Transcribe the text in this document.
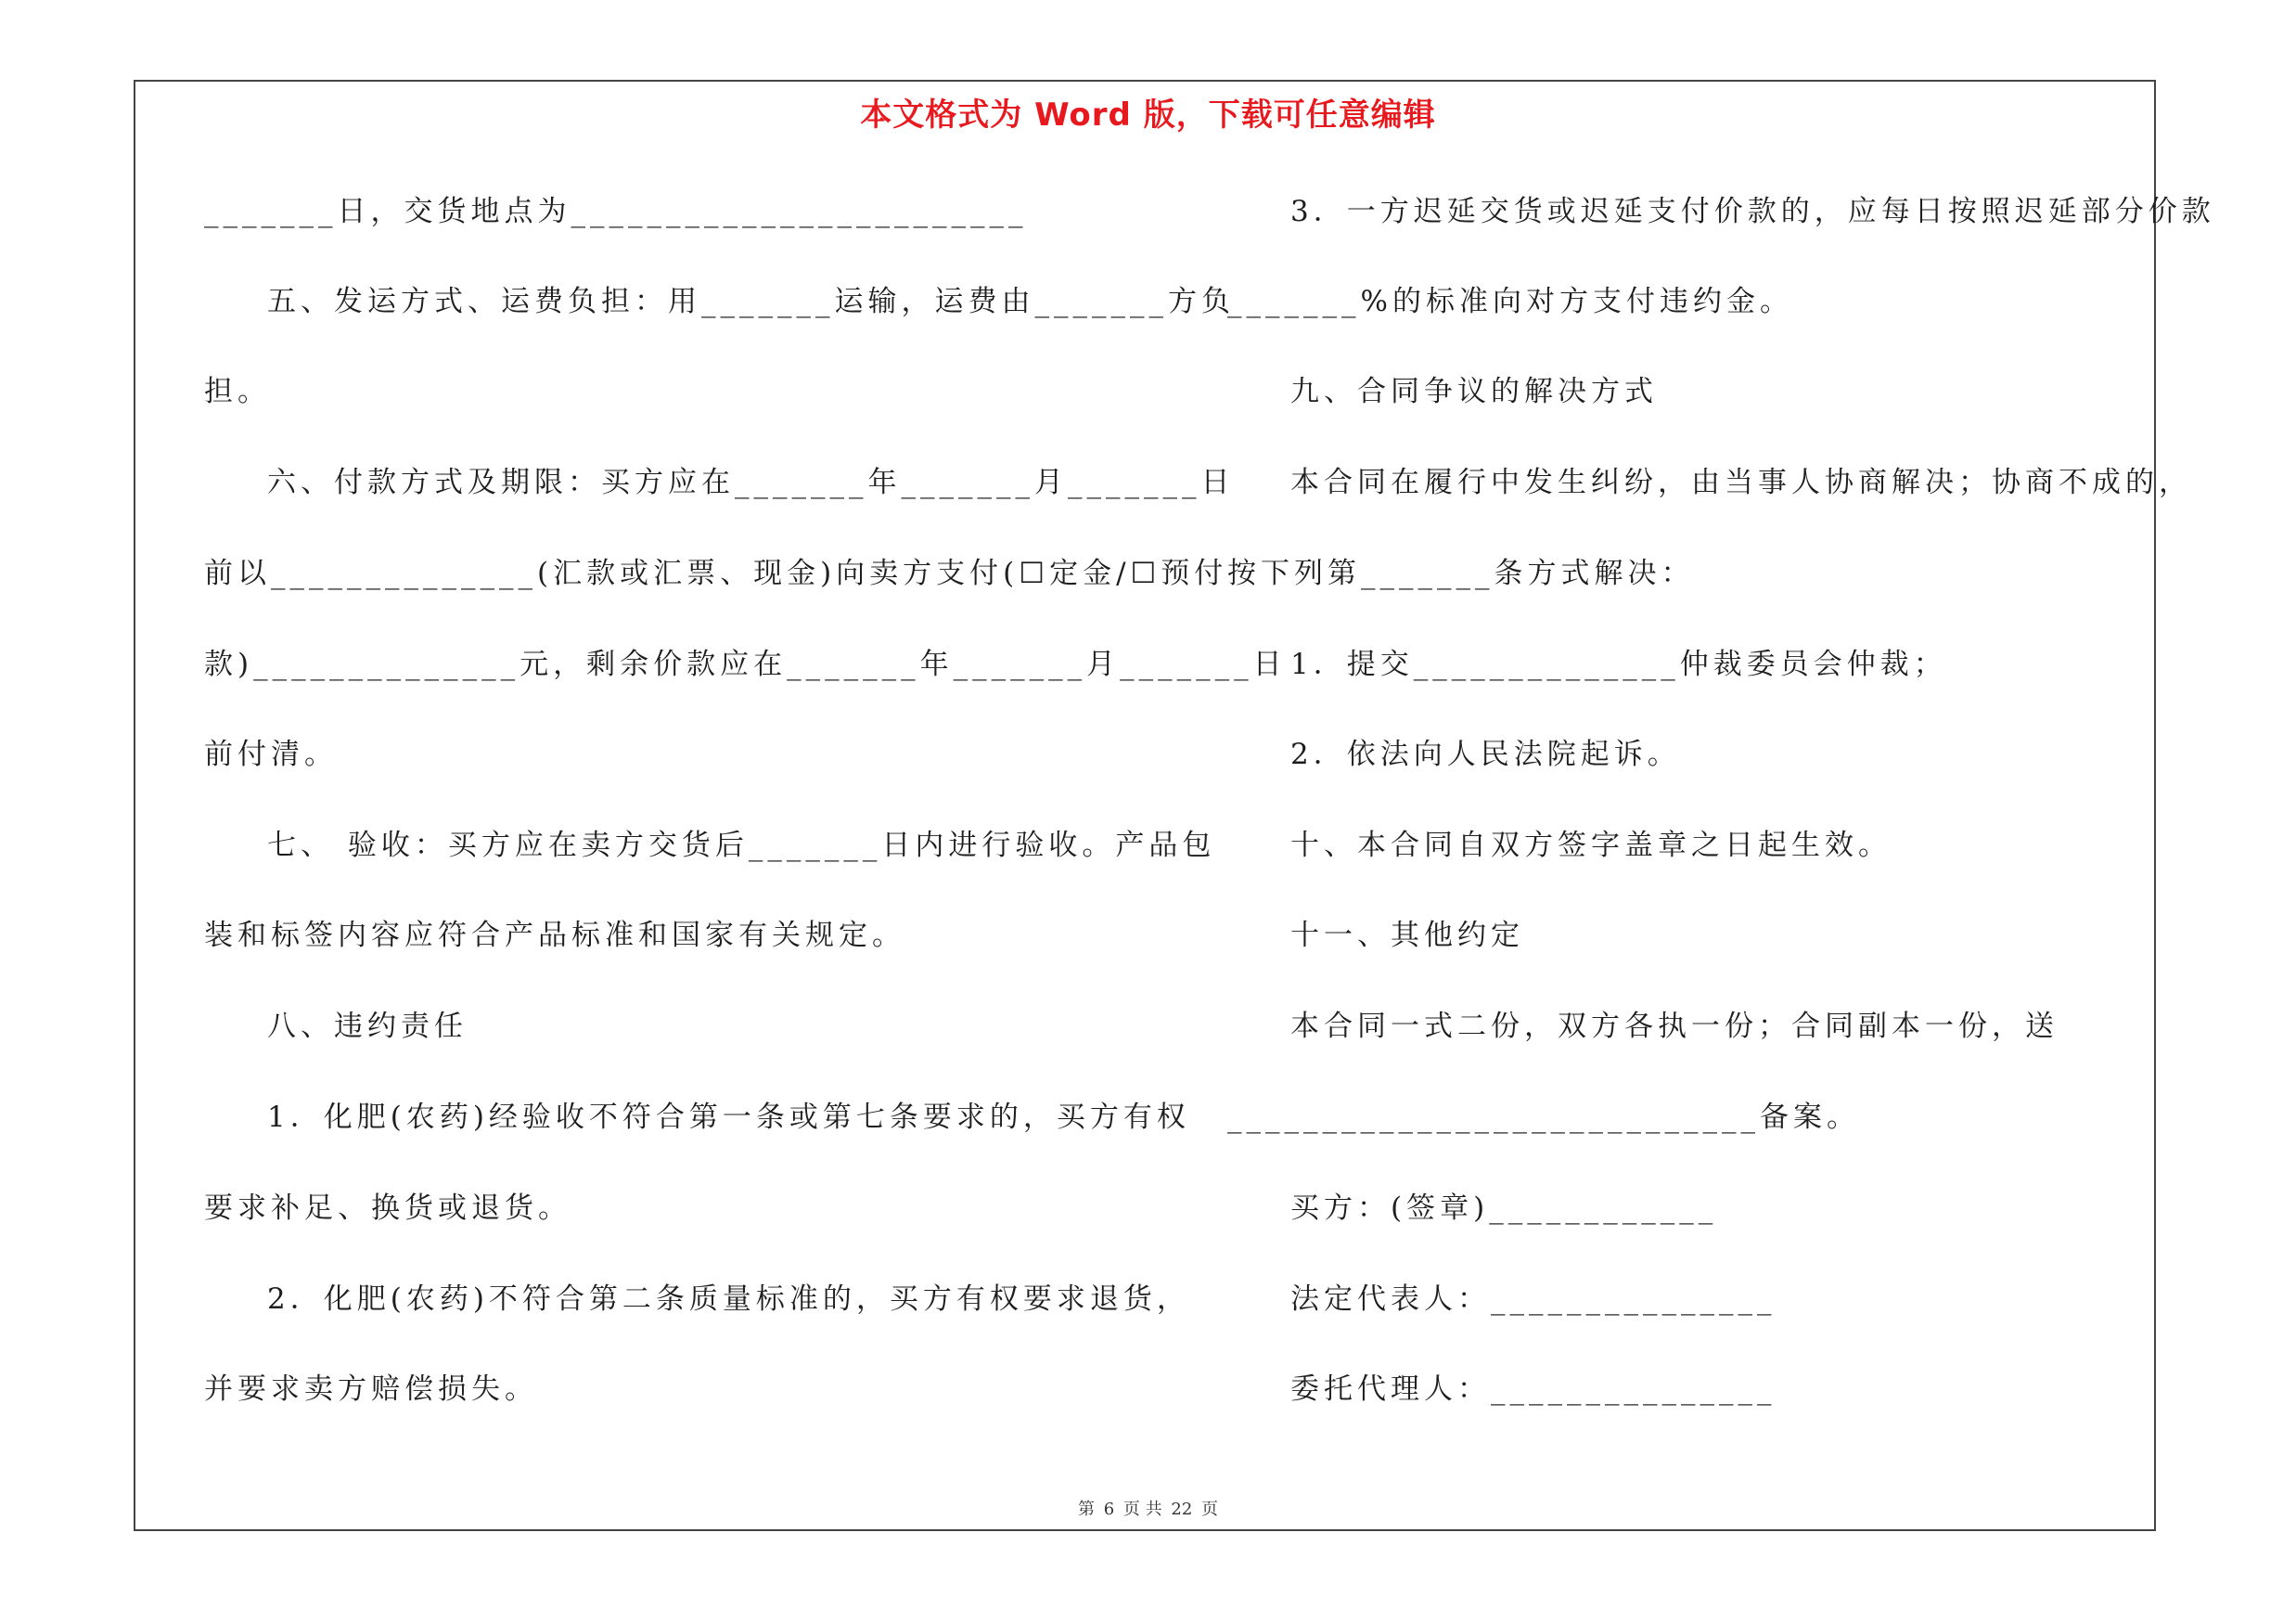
本文格式为 Word 版，下载可任意编辑

_______日，交货地点为________________________

五、发运方式、运费负担：用_______运输，运费由_______方负

担。

六、付款方式及期限：买方应在_______年_______月_______日

前以______________(汇款或汇票、现金)向卖方支付(☐定金/☐预付

款)______________元，剩余价款应在_______年_______月_______日

前付清。

七、 验收：买方应在卖方交货后_______日内进行验收。产品包

装和标签内容应符合产品标准和国家有关规定。

八、违约责任

1．化肥(农药)经验收不符合第一条或第七条要求的，买方有权

要求补足、换货或退货。

2．化肥(农药)不符合第二条质量标准的，买方有权要求退货，

并要求卖方赔偿损失。

3．一方迟延交货或迟延支付价款的，应每日按照迟延部分价款

_______%的标准向对方支付违约金。

九、合同争议的解决方式

本合同在履行中发生纠纷，由当事人协商解决；协商不成的，

按下列第_______条方式解决：

1．提交______________仲裁委员会仲裁；

2．依法向人民法院起诉。

十、本合同自双方签字盖章之日起生效。

十一、其他约定

本合同一式二份，双方各执一份；合同副本一份，送

____________________________备案。

买方：(签章)____________

法定代表人：_______________

委托代理人：_______________

第 6 页 共 22 页
